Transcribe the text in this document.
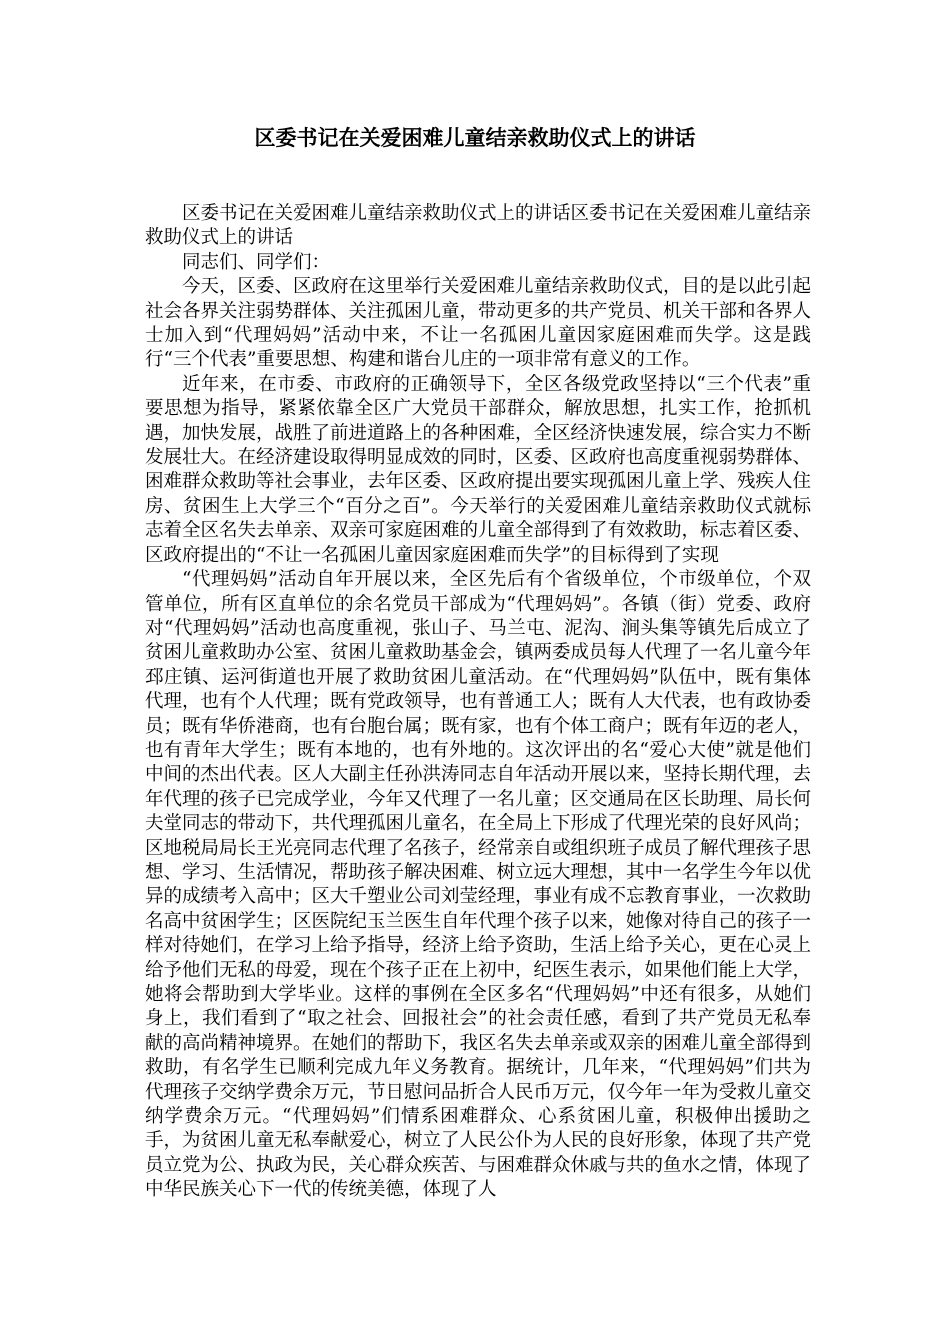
区委书记在关爱困难儿童结亲救助仪式上的讲话

区委书记在关爱困难儿童结亲救助仪式上的讲话区委书记在关爱困难儿童结亲救助仪式上的讲话

同志们、同学们：

今天，区委、区政府在这里举行关爱困难儿童结亲救助仪式，目的是以此引起社会各界关注弱势群体、关注孤困儿童，带动更多的共产党员、机关干部和各界人士加入到“代理妈妈”活动中来，不让一名孤困儿童因家庭困难而失学。这是践行“三个代表”重要思想、构建和谐台儿庄的一项非常有意义的工作。

近年来，在市委、市政府的正确领导下，全区各级党政坚持以“三个代表”重要思想为指导，紧紧依靠全区广大党员干部群众，解放思想，扎实工作，抢抓机遇，加快发展，战胜了前进道路上的各种困难，全区经济快速发展，综合实力不断发展壮大。在经济建设取得明显成效的同时，区委、区政府也高度重视弱势群体、困难群众救助等社会事业，去年区委、区政府提出要实现孤困儿童上学、残疾人住房、贫困生上大学三个“百分之百”。今天举行的关爱困难儿童结亲救助仪式就标志着全区名失去单亲、双亲可家庭困难的儿童全部得到了有效救助，标志着区委、区政府提出的“不让一名孤困儿童因家庭困难而失学”的目标得到了实现

“代理妈妈”活动自年开展以来，全区先后有个省级单位，个市级单位，个双管单位，所有区直单位的余名党员干部成为“代理妈妈”。各镇（街）党委、政府对“代理妈妈”活动也高度重视，张山子、马兰屯、泥沟、涧头集等镇先后成立了贫困儿童救助办公室、贫困儿童救助基金会，镇两委成员每人代理了一名儿童今年邳庄镇、运河街道也开展了救助贫困儿童活动。在“代理妈妈”队伍中，既有集体代理，也有个人代理；既有党政领导，也有普通工人；既有人大代表，也有政协委员；既有华侨港商，也有台胞台属；既有家，也有个体工商户；既有年迈的老人，也有青年大学生；既有本地的，也有外地的。这次评出的名“爱心大使”就是他们中间的杰出代表。区人大副主任孙洪涛同志自年活动开展以来，坚持长期代理，去年代理的孩子已完成学业，今年又代理了一名儿童；区交通局在区长助理、局长何夫堂同志的带动下，共代理孤困儿童名，在全局上下形成了代理光荣的良好风尚；区地税局局长王光亮同志代理了名孩子，经常亲自或组织班子成员了解代理孩子思想、学习、生活情况，帮助孩子解决困难、树立远大理想，其中一名学生今年以优异的成绩考入高中；区大千塑业公司刘莹经理，事业有成不忘教育事业，一次救助名高中贫困学生；区医院纪玉兰医生自年代理个孩子以来，她像对待自己的孩子一样对待她们，在学习上给予指导，经济上给予资助，生活上给予关心，更在心灵上给予他们无私的母爱，现在个孩子正在上初中，纪医生表示，如果他们能上大学，她将会帮助到大学毕业。这样的事例在全区多名“代理妈妈”中还有很多，从她们身上，我们看到了“取之社会、回报社会”的社会责任感，看到了共产党员无私奉献的高尚精神境界。在她们的帮助下，我区名失去单亲或双亲的困难儿童全部得到救助，有名学生已顺利完成九年义务教育。据统计，几年来，“代理妈妈”们共为代理孩子交纳学费余万元，节日慰问品折合人民币万元，仅今年一年为受救儿童交纳学费余万元。“代理妈妈”们情系困难群众、心系贫困儿童，积极伸出援助之手，为贫困儿童无私奉献爱心，树立了人民公仆为人民的良好形象，体现了共产党员立党为公、执政为民，关心群众疾苦、与困难群众休戚与共的鱼水之情，体现了中华民族关心下一代的传统美德，体现了人
